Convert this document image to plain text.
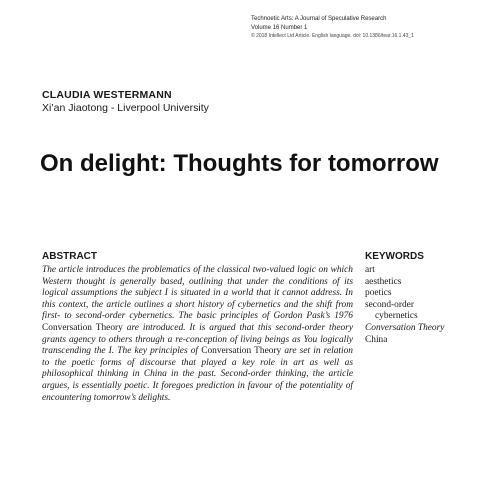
Technoetic Arts: A Journal of Speculative Research
Volume 16 Number 1
© 2018 Intellect Ltd Article. English language. doi: 10.1386/tear.16.1.43_1
CLAUDIA WESTERMANN
Xi’an Jiaotong - Liverpool University
On delight: Thoughts for tomorrow
ABSTRACT

The article introduces the problematics of the classical two-valued logic on which Western thought is generally based, outlining that under the conditions of its logical assumptions the subject I is situated in a world that it cannot address. In this context, the article outlines a short history of cybernetics and the shift from first- to second-order cybernetics. The basic principles of Gordon Pask’s 1976 Conversation Theory are introduced. It is argued that this second-order theory grants agency to others through a re-conception of living beings as You logically transcending the I. The key principles of Conversation Theory are set in relation to the poetic forms of discourse that played a key role in art as well as philosophical thinking in China in the past. Second-order thinking, the article argues, is essentially poetic. It foregoes prediction in favour of the potentiality of encountering tomorrow’s delights.

KEYWORDS
art
aesthetics
poetics
second-order
cybernetics
Conversation Theory
China
